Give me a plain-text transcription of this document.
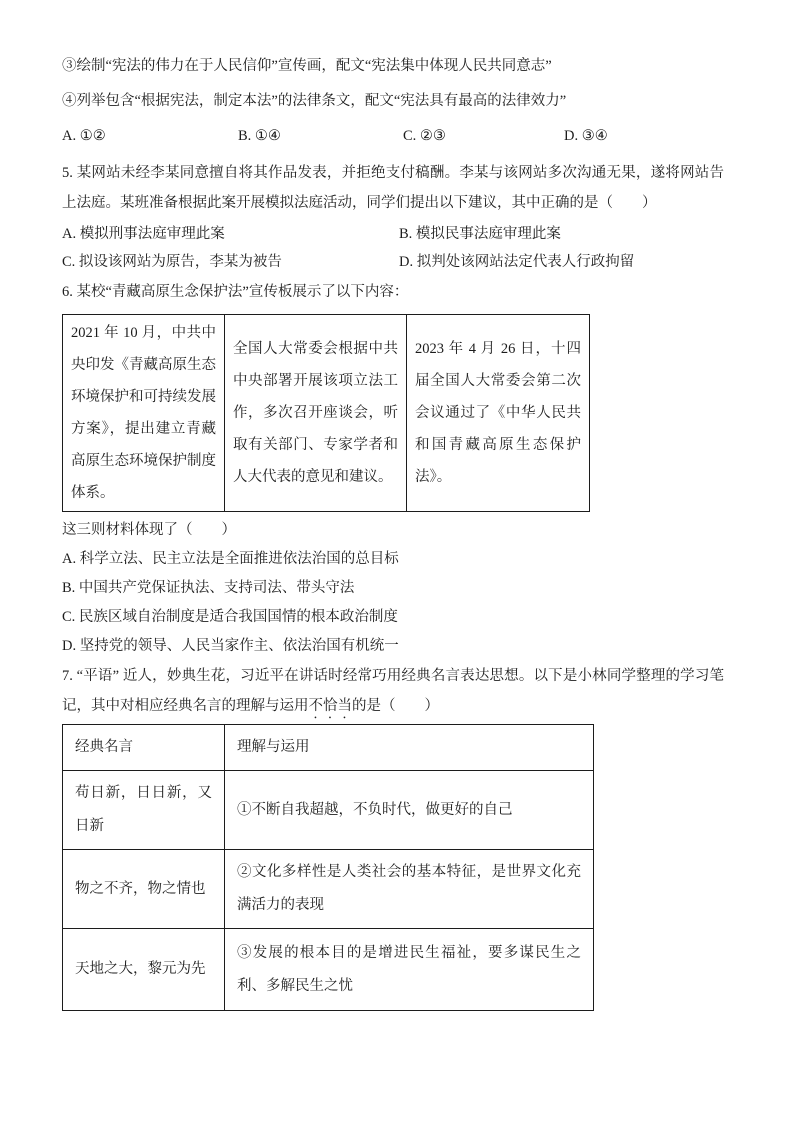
③绘制“宪法的伟力在于人民信仰”宣传画，配文“宪法集中体现人民共同意志”

④列举包含“根据宪法，制定本法”的法律条文，配文“宪法具有最高的法律效力”

A. ①②	B. ①④	C. ②③	D. ③④

5. 某网站未经李某同意擅自将其作品发表，并拒绝支付稿酬。李某与该网站多次沟通无果，遂将网站告上法庭。某班准备根据此案开展模拟法庭活动，同学们提出以下建议，其中正确的是（　　）

A. 模拟刑事法庭审理此案	B. 模拟民事法庭审理此案
C. 拟设该网站为原告，李某为被告	D. 拟判处该网站法定代表人行政拘留

6. 某校“青藏高原生念保护法”宣传板展示了以下内容：

2021 年 10 月，中共中央印发《青藏高原生态环境保护和可持续发展方案》，提出建立青藏高原生态环境保护制度体系。	全国人大常委会根据中共中央部署开展该项立法工作，多次召开座谈会，听取有关部门、专家学者和人大代表的意见和建议。	2023 年 4 月 26 日，十四届全国人大常委会第二次会议通过了《中华人民共和国青藏高原生态保护法》。

这三则材料体现了（　　）

A. 科学立法、民主立法是全面推进依法治国的总目标

B. 中国共产党保证执法、支持司法、带头守法

C. 民族区域自治制度是适合我国国情的根本政治制度

D. 坚持党的领导、人民当家作主、依法治国有机统一

7. “平语” 近人，妙典生花，习近平在讲话时经常巧用经典名言表达思想。以下是小林同学整理的学习笔记，其中对相应经典名言的理解与运用不恰当的是（　　）

经典名言	理解与运用
苟日新，日日新，又日新	①不断自我超越，不负时代，做更好的自己
物之不齐，物之情也	②文化多样性是人类社会的基本特征，是世界文化充满活力的表现
天地之大，黎元为先	③发展的根本目的是增进民生福祉，要多谋民生之利、多解民生之忧
